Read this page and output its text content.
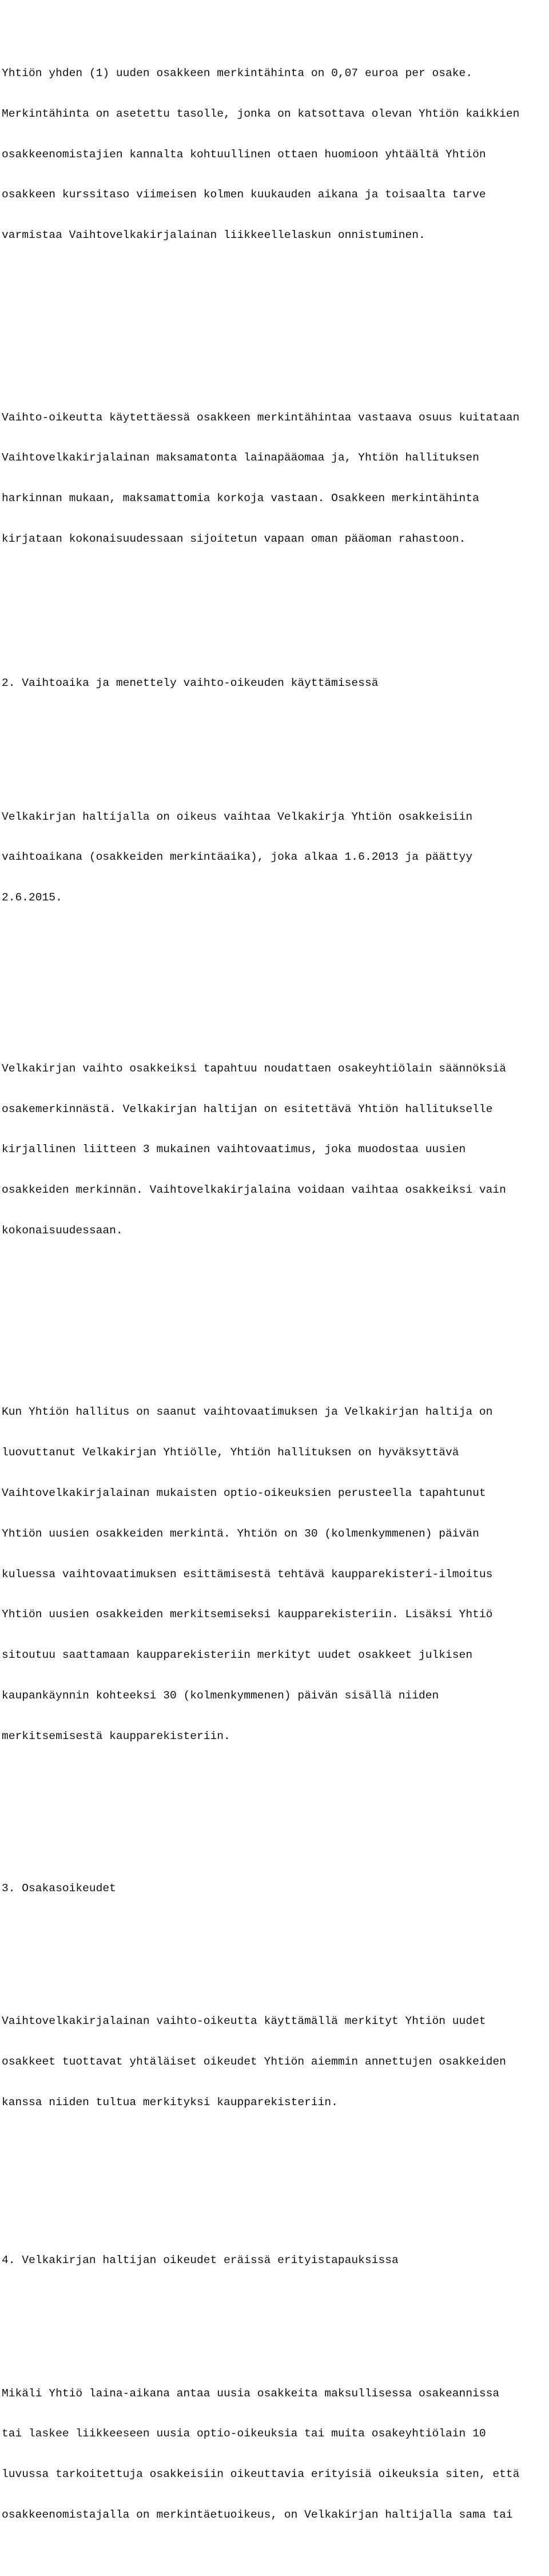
Yhtiön yhden (1) uuden osakkeen merkintähinta on 0,07 euroa per osake.

Merkintähinta on asetettu tasolle, jonka on katsottava olevan Yhtiön kaikkien

osakkeenomistajien kannalta kohtuullinen ottaen huomioon yhtäältä Yhtiön

osakkeen kurssitaso viimeisen kolmen kuukauden aikana ja toisaalta tarve

varmistaa Vaihtovelkakirjalainan liikkeellelaskun onnistuminen.

Vaihto-oikeutta käytettäessä osakkeen merkintähintaa vastaava osuus kuitataan

Vaihtovelkakirjalainan maksamatonta lainapääomaa ja, Yhtiön hallituksen

harkinnan mukaan, maksamattomia korkoja vastaan. Osakkeen merkintähinta

kirjataan kokonaisuudessaan sijoitetun vapaan oman pääoman rahastoon.

2. Vaihtoaika ja menettely vaihto-oikeuden käyttämisessä

Velkakirjan haltijalla on oikeus vaihtaa Velkakirja Yhtiön osakkeisiin

vaihtoaikana (osakkeiden merkintäaika), joka alkaa 1.6.2013 ja päättyy

2.6.2015.

Velkakirjan vaihto osakkeiksi tapahtuu noudattaen osakeyhtiölain säännöksiä

osakemerkinnästä. Velkakirjan haltijan on esitettävä Yhtiön hallitukselle

kirjallinen liitteen 3 mukainen vaihtovaatimus, joka muodostaa uusien

osakkeiden merkinnän. Vaihtovelkakirjalaina voidaan vaihtaa osakkeiksi vain

kokonaisuudessaan.

Kun Yhtiön hallitus on saanut vaihtovaatimuksen ja Velkakirjan haltija on

luovuttanut Velkakirjan Yhtiölle, Yhtiön hallituksen on hyväksyttävä

Vaihtovelkakirjalainan mukaisten optio-oikeuksien perusteella tapahtunut

Yhtiön uusien osakkeiden merkintä. Yhtiön on 30 (kolmenkymmenen) päivän

kuluessa vaihtovaatimuksen esittämisestä tehtävä kaupparekisteri-ilmoitus

Yhtiön uusien osakkeiden merkitsemiseksi kaupparekisteriin. Lisäksi Yhtiö

sitoutuu saattamaan kaupparekisteriin merkityt uudet osakkeet julkisen

kaupankäynnin kohteeksi 30 (kolmenkymmenen) päivän sisällä niiden

merkitsemisestä kaupparekisteriin.

3. Osakasoikeudet

Vaihtovelkakirjalainan vaihto-oikeutta käyttämällä merkityt Yhtiön uudet

osakkeet tuottavat yhtäläiset oikeudet Yhtiön aiemmin annettujen osakkeiden

kanssa niiden tultua merkityksi kaupparekisteriin.

4. Velkakirjan haltijan oikeudet eräissä erityistapauksissa

Mikäli Yhtiö laina-aikana antaa uusia osakkeita maksullisessa osakeannissa

tai laskee liikkeeseen uusia optio-oikeuksia tai muita osakeyhtiölain 10

luvussa tarkoitettuja osakkeisiin oikeuttavia erityisiä oikeuksia siten, että

osakkeenomistajalla on merkintäetuoikeus, on Velkakirjan haltijalla sama tai
